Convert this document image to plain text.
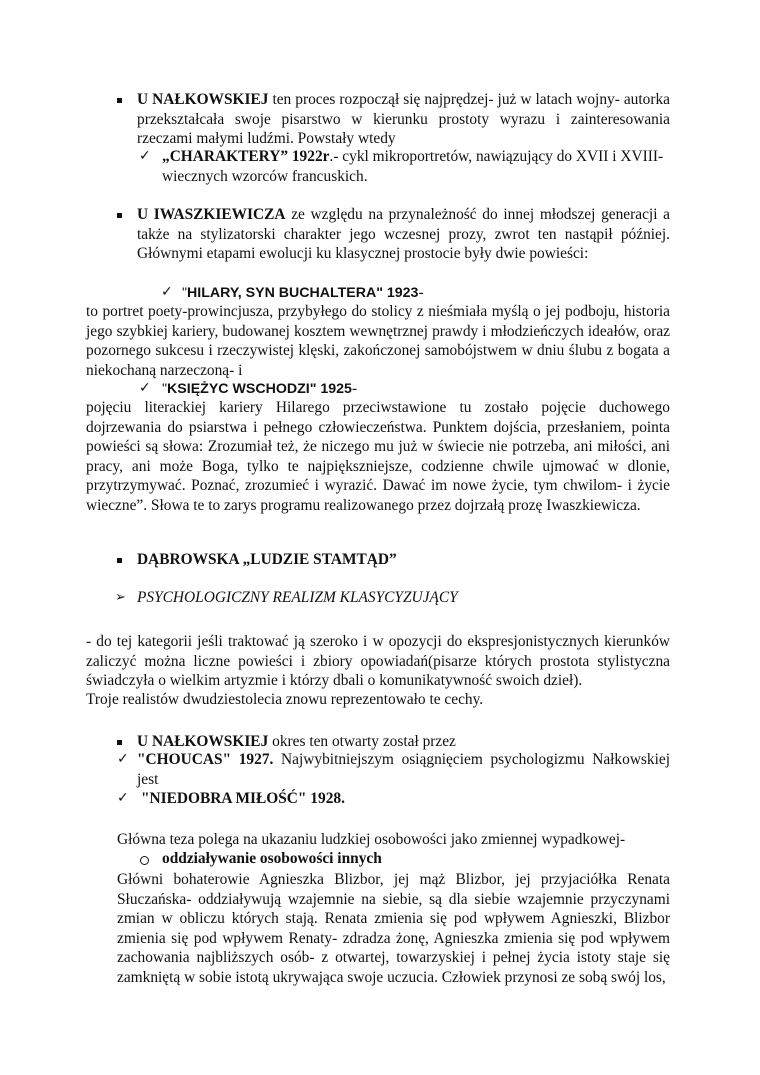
U NAŁKOWSKIEJ ten proces rozpoczął się najprędzej- już w latach wojny- autorka przekształcała swoje pisarstwo w kierunku prostoty wyrazu i zainteresowania rzeczami małymi ludźmi. Powstały wtedy
✓ „CHARAKTERY” 1922r.- cykl mikroportretów, nawiązujący do XVII i XVIII-wiecznych wzorców francuskich.
U IWASZKIEWICZA ze względu na przynależność do innej młodszej generacji a także na stylizatorski charakter jego wczesnej prozy, zwrot ten nastąpił później. Głównymi etapami ewolucji ku klasycznej prostocie były dwie powieści:
✓ "HILARY, SYN BUCHALTERA" 1923-
to portret poety-prowincjusza, przybyłego do stolicy z nieśmiała myślą o jej podboju, historia jego szybkiej kariery, budowanej kosztem wewnętrznej prawdy i młodzieńczych ideałów, oraz pozornego sukcesu i rzeczywistej klęski, zakończonej samobójstwem w dniu ślubu z bogata a niekochaną narzeczoną- i
✓ "KSIĘŻYC WSCHODZI" 1925-
pojęciu literackiej kariery Hilarego przeciwstawione tu zostało pojęcie duchowego dojrzewania do psiarstwa i pełnego człowieczeństwa. Punktem dojścia, przesłaniem, pointa powieści są słowa: Zrozumiał też, że niczego mu już w świecie nie potrzeba, ani miłości, ani pracy, ani może Boga, tylko te najpiększniejsze, codzienne chwile ujmować w dlonie, przytrzymywać. Poznać, zrozumieć i wyrazić. Dawać im nowe życie, tym chwilom- i życie wieczne”. Słowa te to zarys programu realizowanego przez dojrzałą prozę Iwaszkiewicza.
DĄBROWSKA „LUDZIE STAMTĄD”
➢ PSYCHOLOGICZNY REALIZM KLASYCYZUJĄCY
- do tej kategorii jeśli traktować ją szeroko i w opozycji do ekspresjonistycznych kierunków zaliczyć można liczne powieści i zbiory opowiadań(pisarze których prostota stylistyczna świadczyła o wielkim artyzmie i którzy dbali o komunikatywność swoich dzieł).
Troje realistów dwudziestolecia znowu reprezentowało te cechy.
U NAŁKOWSKIEJ okres ten otwarty został przez
✓ "CHOUCAS" 1927. Najwybitniejszym osiągnięciem psychologizmu Nałkowskiej jest
✓ "NIEDOBRA MIŁOŚĆ" 1928.
Główna teza polega na ukazaniu ludzkiej osobowości jako zmiennej wypadkowej-
oddziaływanie osobowości innych
Główni bohaterowie Agnieszka Blizbor, jej mąż Blizbor, jej przyjaciółka Renata Słuczańska- oddziaływują wzajemnie na siebie, są dla siebie wzajemnie przyczynami zmian w obliczu których stają. Renata zmienia się pod wpływem Agnieszki, Blizbor zmienia się pod wpływem Renaty- zdradza żonę, Agnieszka zmienia się pod wpływem zachowania najbliższych osób- z otwartej, towarzyskiej i pełnej życia istoty staje się zamkniętą w sobie istotą ukrywająca swoje uczucia. Człowiek przynosi ze sobą swój los,
